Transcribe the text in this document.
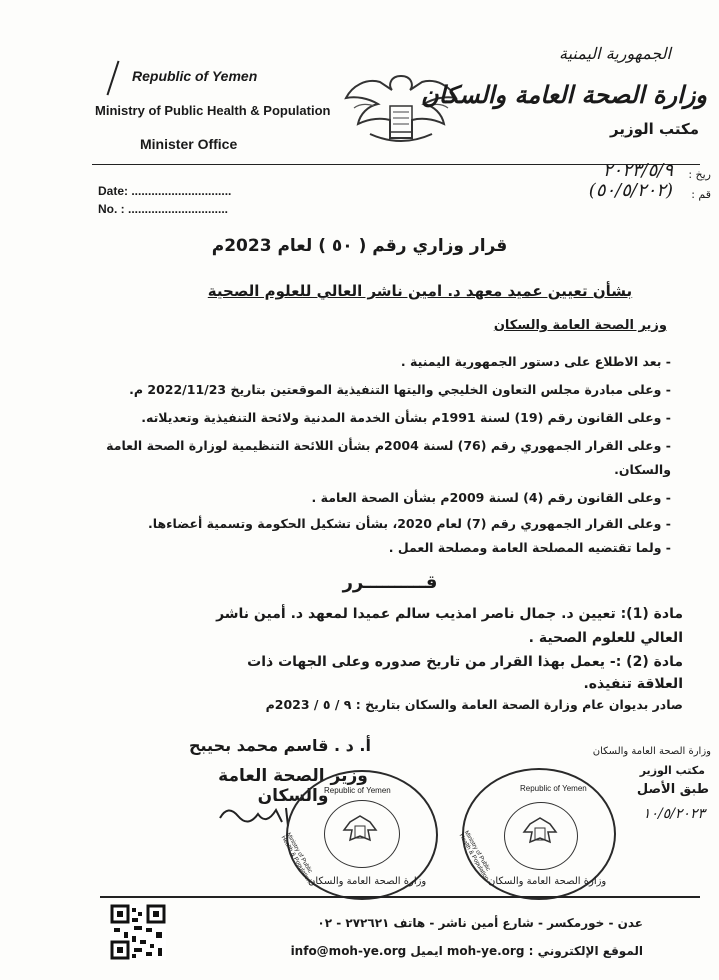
Republic of Yemen
Ministry of Public Health & Population
Minister Office
الجمهورية اليمنية
وزارة الصحة العامة والسكان
مكتب الوزير
ريخ :
٢٠٢٣/٥/٩
قم :
(٥٠/٥/٢٠٢)
Date: ..............................
No. : ..............................
قرار وزاري رقم ( ٥٠ ) لعام 2023م
بشأن تعيين عميد معهد د. امين ناشر العالي للعلوم الصحية
وزير الصحة العامة والسكان
- بعد الاطلاع على دستور الجمهورية اليمنية .
- وعلى مبادرة مجلس التعاون الخليجي واليتها التنفيذية الموقعتين بتاريخ 2022/11/23 م.
- وعلى القانون رقم (19) لسنة 1991م بشأن الخدمة المدنية ولائحة التنفيذية وتعديلاته.
- وعلى القرار الجمهوري رقم (76) لسنة 2004م بشأن اللائحة التنظيمية لوزارة الصحة العامة
والسكان.
- وعلى القانون رقم (4) لسنة 2009م بشأن الصحة العامة .
- وعلى القرار الجمهوري رقم (7) لعام 2020، بشأن تشكيل الحكومة وتسمية أعضاءها.
- ولما تقتضيه المصلحة العامة ومصلحة العمل .
قــــــــــرر
مادة (1): تعيين د. جمال ناصر امذيب سالم عميدا لمعهد د. أمين ناشر
العالي للعلوم الصحية .
مادة (2) :- يعمل بهذا القرار من تاريخ صدوره وعلى الجهات ذات
العلاقة تنفيذه.
صادر بديوان عام وزارة الصحة العامة والسكان بتاريخ : ٩ / ٥ / 2023م
أ. د . قاسم محمد بحيبح
وزير الصحة العامة والسكان
Republic of Yemen
Ministry of Public Health & Population
وزارة الصحة العامة والسكان
Republic of Yemen
Ministry of Public Health & Population
وزارة الصحة العامة والسكان
وزارة الصحة العامة والسكان
مكتب الوزير
طبق الأصل
١٠/٥/٢٠٢٣
عدن - خورمكسر - شارع أمين ناشر - هاتف ٢٧٢٦٢١ - ٠٢
الموقع الإلكتروني : moh-ye.org ايميل info@moh-ye.org
